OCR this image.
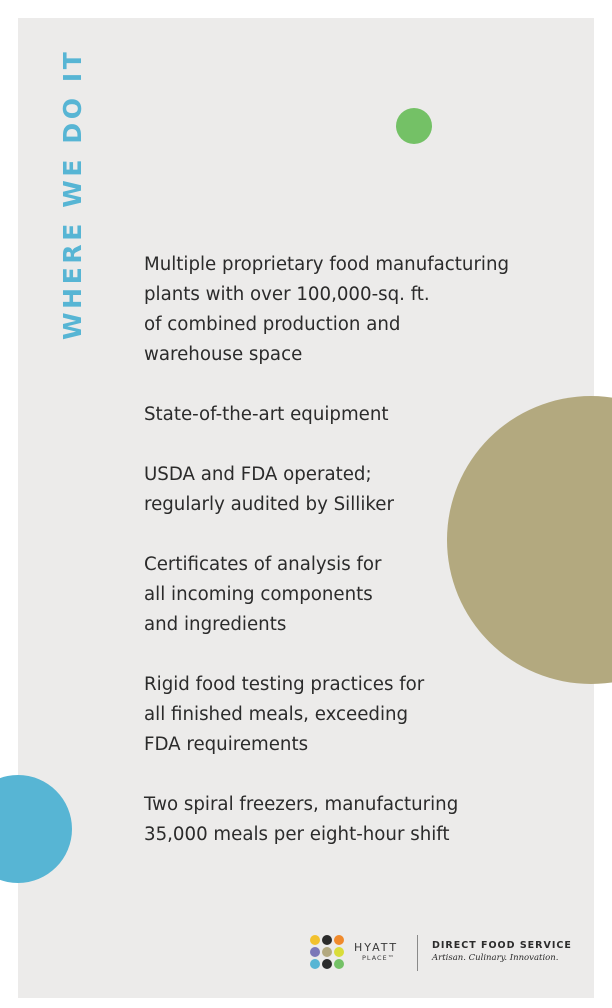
WHERE WE DO IT	Multiple proprietary food manufacturing
plants with over 100,000-sq. ft.
of combined production and
warehouse space

State-of-the-art equipment

USDA and FDA operated;
regularly audited by Silliker

Certificates of analysis for
all incoming components
and ingredients

Rigid food testing practices for
all finished meals, exceeding
FDA requirements

Two spiral freezers, manufacturing
35,000 meals per eight-hour shift

HYATT
PLACE™
DIRECT FOOD SERVICE
Artisan. Culinary. Innovation.
